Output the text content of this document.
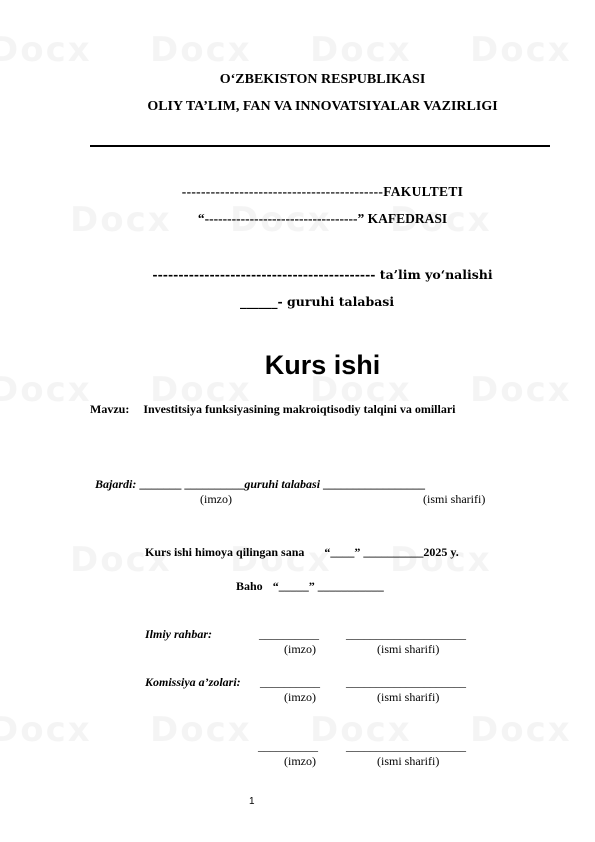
O‘ZBEKISTON RESPUBLIKASI
OLIY TA’LIM, FAN VA INNOVATSIYALAR VAZIRLIGI
------------------------------------------FAKULTETI
“----------------------------------” KAFEDRASI
------------------------------------------- ta’lim yo‘nalishi
______- guruhi talabasi
Kurs ishi
Mavzu: Investitsiya funksiyasining makroiqtisodiy talqini va omillari
Bajardi: _______ __________guruhi talabasi _________________
(imzo)	(ismi sharifi)
Kurs ishi himoya qilingan sana “____” __________2025 y.
Baho “_____” ___________
Ilmiy rahbar:	__________ ____________________
(imzo)	(ismi sharifi)
Komissiya a’zolari: __________ ____________________
(imzo)	(ismi sharifi)
__________ ____________________
(imzo)	(ismi sharifi)
1
